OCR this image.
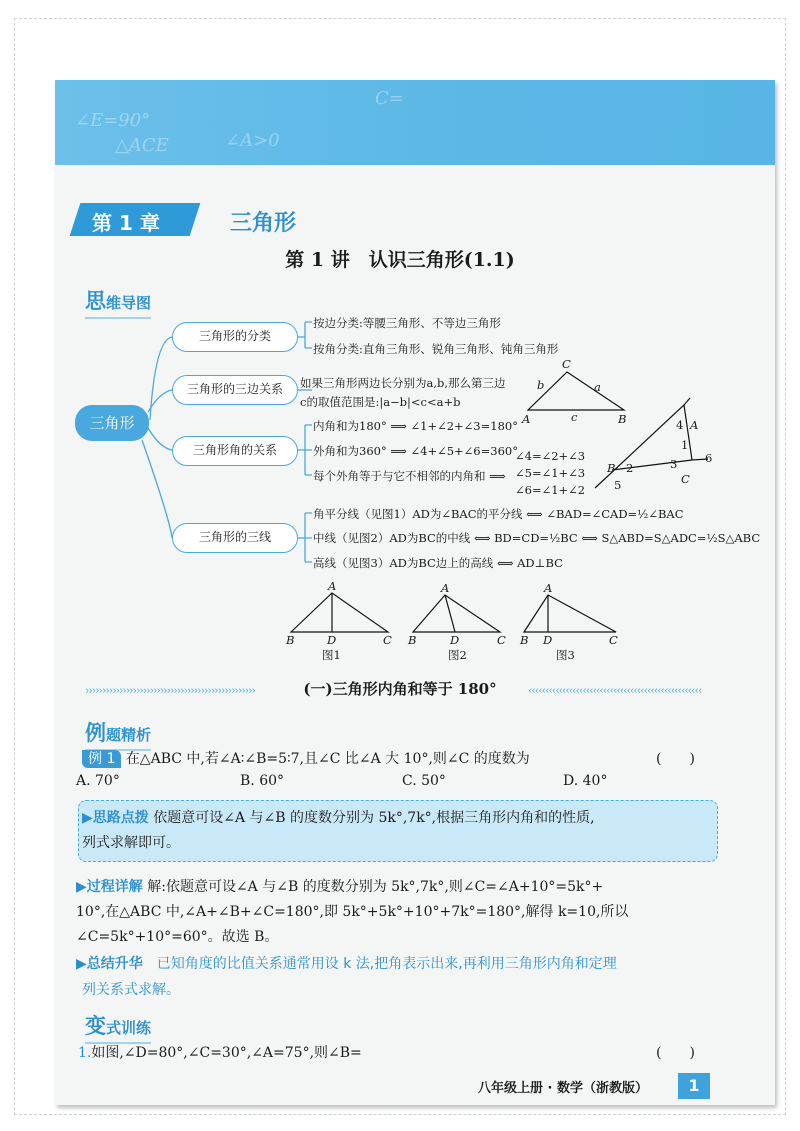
∠E=90°
△ACE	∠A>0
C=
第 1 章	三角形
第 1 讲　认识三角形(1.1)
思维导图
三角形
三角形的分类
三角形的三边关系
三角形角的关系
三角形的三线
按边分类:等腰三角形、不等边三角形
按角分类:直角三角形、锐角三角形、钝角三角形
如果三角形两边长分别为a,b,那么第三边
c的取值范围是:|a−b|<c<a+b
内角和为180° ⟹ ∠1+∠2+∠3=180°
外角和为360° ⟹ ∠4+∠5+∠6=360°
每个外角等于与它不相邻的内角和 ⟹
∠4=∠2+∠3
∠5=∠1+∠3
∠6=∠1+∠2
角平分线（见图1）AD为∠BAC的平分线 ⟺ ∠BAD=∠CAD=½∠BAC
中线（见图2）AD为BC的中线 ⟺ BD=CD=½BC ⟺ S△ABD=S△ADC=½S△ABC
高线（见图3）AD为BC边上的高线 ⟺ AD⊥BC
C
b	a
A	c	B	4 A
1
B 2	3 6
5	C
A
B	D	C
图1
A
B	D	C
图2
A
B D	C
图3
››››››››››››››››››››››››››››››››››››››››››››››››››	(一)三角形内角和等于 180°	‹‹‹‹‹‹‹‹‹‹‹‹‹‹‹‹‹‹‹‹‹‹‹‹‹‹‹‹‹‹‹‹‹‹‹‹‹‹‹‹‹‹‹‹‹‹‹‹‹‹‹
例题精析
例 1 在△ABC 中,若∠A∶∠B=5∶7,且∠C 比∠A 大 10°,则∠C 的度数为	(　　)
A. 70°	B. 60°	C. 50°	D. 40°
▶思路点拨 依题意可设∠A 与∠B 的度数分别为 5k°,7k°,根据三角形内角和的性质,
列式求解即可。
▶过程详解 解:依题意可设∠A 与∠B 的度数分别为 5k°,7k°,则∠C=∠A+10°=5k°+
10°,在△ABC 中,∠A+∠B+∠C=180°,即 5k°+5k°+10°+7k°=180°,解得 k=10,所以
∠C=5k°+10°=60°。故选 B。
▶总结升华　 已知角度的比值关系通常用设 k 法,把角表示出来,再利用三角形内角和定理
列关系式求解。
变式训练
1.如图,∠D=80°,∠C=30°,∠A=75°,则∠B=	(　　)
八年级上册 · 数学（浙教版）	1
